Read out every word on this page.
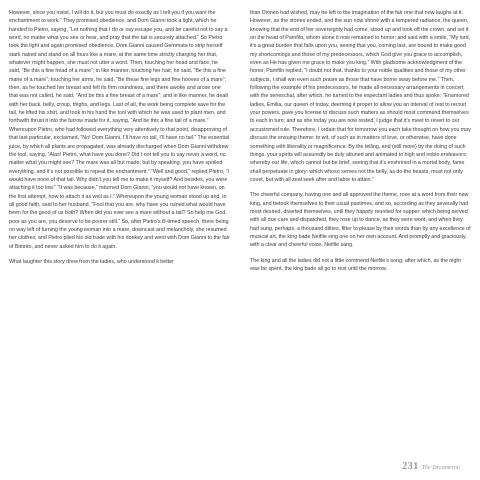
However, since you insist, I will do it, but you must do exactly as I tell you if you want the enchantment to work.” They promised obedience, and Dom Gianni took a light, which he handed to Pietro, saying, “Let nothing that I do or say escape you, and be careful not to say a word, no matter what you see or hear, and pray that the tail is securely attached.” So Pietro took the light and again promised obedience. Dom Gianni caused Gemmata to strip herself stark naked and stand on all fours like a mare, at the same time strictly charging her that, whatever might happen, she must not utter a word. Then, touching her head and face, he said, “Be this a fine head of a mare”; in like manner, touching her hair, he said, “Be this a fine mane of a mare”; touching her arms, he said, “Be these fine legs and fine hooves of a mare”; then, as he touched her breast and felt its firm roundness, and there awoke and arose one that was not called, he said, “And be this a fine breast of a mare”; and in like manner, he dealt with her back, belly, croup, thighs, and legs. Last of all, the work being complete save for the tail, he lifted his shirt, and took in his hand the tool with which he was used to plant men, and forthwith thrust it into the furrow made for it, saying, “And be this a fine tail of a mare.” Whereupon Pietro, who had followed everything very attentively to that point, disapproving of that last particular, exclaimed, “No! Dom Gianni, I’ll have no tail, I’ll have no tail.” The essential juice, by which all plants are propagated, was already discharged when Dom Gianni withdrew the tool, saying, “Alas! Pietro, what have you done? Did I not tell you to say never a word, no matter what you might see? The mare was all but made; but by speaking, you have spoiled everything, and it’s not possible to repeat the enchantment.” “Well and good,” replied Pietro, “I would have none of that tail. Why didn’t you tell me to make it myself? And besides, you were attaching it too low.” “It was because,” returned Dom Gianni, “you would not have known, on the first attempt, how to attach it as well as I.” Whereupon the young woman stood up and, in all good faith, said to her husband, “Fool that you are, why have you ruined what would have been for the good of us both? When did you ever see a mare without a tail? So help me God, poor as you are, you deserve to be poorer still.” So, after Pietro’s ill-timed speech, there being no way left of turning the young woman into a mare, downcast and melancholy, she resumed her clothes; and Pietro plied his old trade with his donkey and went with Dom Gianni to the fair of Bitonto, and never asked him to do it again.

What laughter this story drew from the ladies, who understood it better

than Dioneo had wished, may be left to the imagination of the fair one that now laughs at it. However, as the stories ended, and the sun now shone with a tempered radiance, the queen, knowing that the end of her sovereignty had come, stood up and took off the crown, and set it on the head of Pamfilo, whom alone it now remained to honor; and said with a smile, “My lord, it’s a great burden that falls upon you, seeing that you, coming last, are bound to make good my shortcomings and those of my predecessors, which God give you grace to accomplish, even as He has given me grace to make you king.” With gladsome acknowledgment of the honor, Pamfilo replied, “I doubt not that, thanks to your noble qualities and those of my other subjects, I shall win even such praise as those that have borne sway before me.” Then, following the example of his predecessors, he made all necessary arrangements in concert with the seneschal, after which, he turned to the expectant ladies and thus spoke: “Enamored ladies, Emilia, our queen of today, deeming it proper to allow you an interval of rest to recruit your powers, gave you license to discuss such matters as should most commend themselves to each in turn; and as she today you are now rested, I judge that it’s meet to revert to our accustomed rule. Therefore, I ordain that for tomorrow you each take thought on how you may discuss the ensuing theme: to wit, of such as in matters of love, or otherwise, have done something with liberality or magnificence. By the telling, and (still more) by the doing of such things, your spirits will assuredly be duly attuned and animated to high and noble endeavors; whereby our life, which cannot but be brief, seeing that it’s enshrined in a mortal body, fame shall perpetuate in glory: which whoso serves not the belly, as do the beasts, must not only covet, but with all zeal seek after and labor to attain.”

The cheerful company, having one and all approved the theme, rose at a word from their new king, and betook themselves to their usual pastimes, and so, according as they severally had most desired, diverted themselves, until they happily reunited for supper: which being served with all due care and dispatched, they rose up to dance, as they were wont, and when they had sung, perhaps, a thousand ditties, fitter to please by their words than by any excellence of musical art, the king bade Neifile sing one on her own account. And promptly and graciously, with a clear and cheerful voice, Neifile sang.

The king and all the ladies did not a little commend Neifile’s song; after which, as the night was far spent, the king bade all go to rest until the morrow.

231 The Decameron
